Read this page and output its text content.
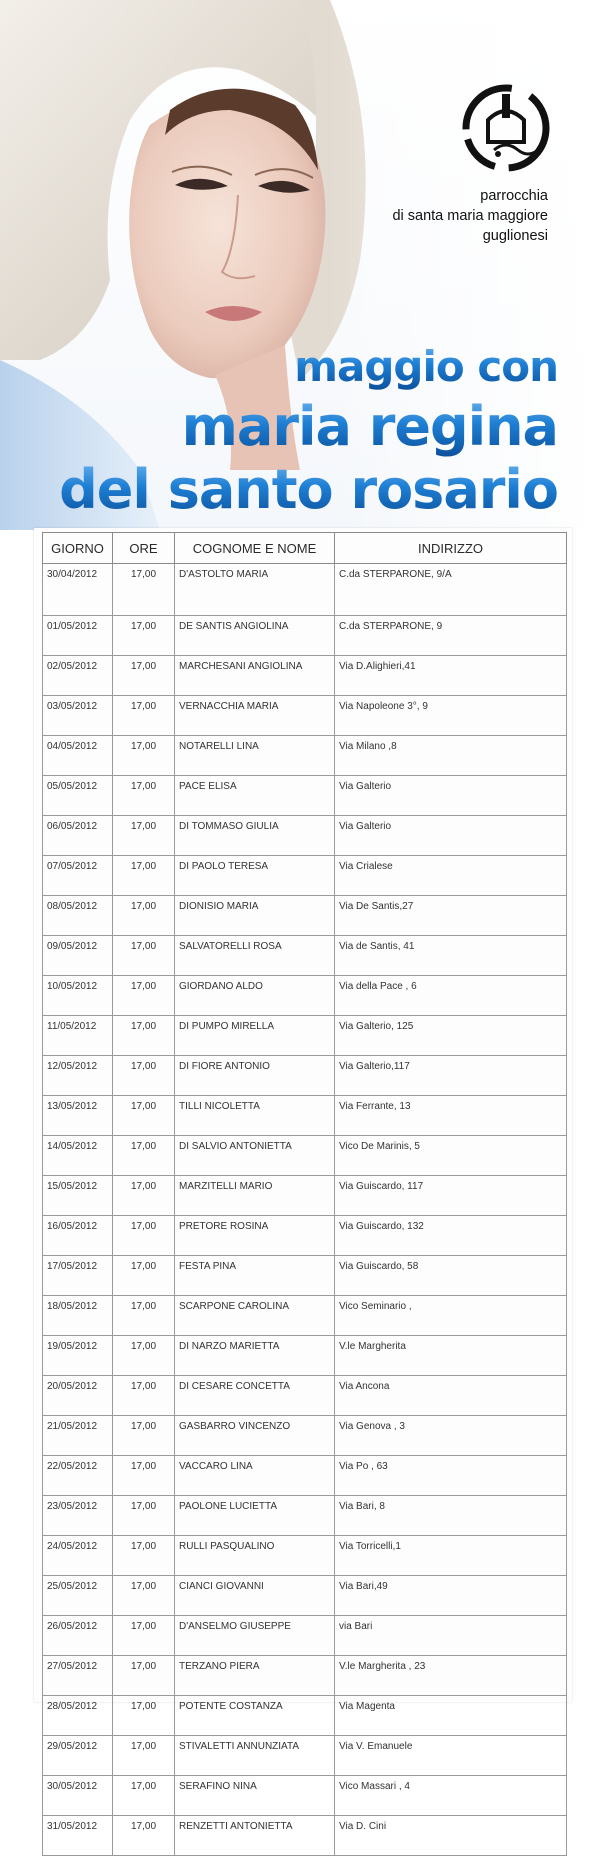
parrocchia
di santa maria maggiore
guglionesi
maggio con
maria regina
del santo rosario
GIORNO	ORE	COGNOME E NOME	INDIRIZZO
30/04/2012	17,00	D'ASTOLTO MARIA	C.da STERPARONE, 9/A
01/05/2012	17,00	DE SANTIS ANGIOLINA	C.da STERPARONE, 9
02/05/2012	17,00	MARCHESANI ANGIOLINA	Via D.Alighieri,41
03/05/2012	17,00	VERNACCHIA MARIA	Via Napoleone 3°, 9
04/05/2012	17,00	NOTARELLI LINA	Via Milano ,8
05/05/2012	17,00	PACE ELISA	Via Galterio
06/05/2012	17,00	DI TOMMASO GIULIA	Via Galterio
07/05/2012	17,00	DI PAOLO TERESA	Via Crialese
08/05/2012	17,00	DIONISIO MARIA	Via De Santis,27
09/05/2012	17,00	SALVATORELLI ROSA	Via de Santis, 41
10/05/2012	17,00	GIORDANO ALDO	Via della Pace , 6
11/05/2012	17,00	DI PUMPO MIRELLA	Via Galterio, 125
12/05/2012	17,00	DI FIORE ANTONIO	Via Galterio,117
13/05/2012	17,00	TILLI NICOLETTA	Via Ferrante, 13
14/05/2012	17,00	DI SALVIO ANTONIETTA	Vico De Marinis, 5
15/05/2012	17,00	MARZITELLI MARIO	Via Guiscardo, 117
16/05/2012	17,00	PRETORE ROSINA	Via Guiscardo, 132
17/05/2012	17,00	FESTA PINA	Via Guiscardo, 58
18/05/2012	17,00	SCARPONE CAROLINA	Vico Seminario ,
19/05/2012	17,00	DI NARZO MARIETTA	V.le Margherita
20/05/2012	17,00	DI CESARE CONCETTA	Via Ancona
21/05/2012	17,00	GASBARRO VINCENZO	Via Genova , 3
22/05/2012	17,00	VACCARO LINA	Via Po , 63
23/05/2012	17,00	PAOLONE LUCIETTA	Via Bari, 8
24/05/2012	17,00	RULLI PASQUALINO	Via Torricelli,1
25/05/2012	17,00	CIANCI GIOVANNI	Via Bari,49
26/05/2012	17,00	D'ANSELMO GIUSEPPE	via Bari
27/05/2012	17,00	TERZANO PIERA	V.le Margherita , 23
28/05/2012	17,00	POTENTE COSTANZA	Via Magenta
29/05/2012	17,00	STIVALETTI ANNUNZIATA	Via V. Emanuele
30/05/2012	17,00	SERAFINO NINA	Vico Massari , 4
31/05/2012	17,00	RENZETTI ANTONIETTA	Via D. Cini
